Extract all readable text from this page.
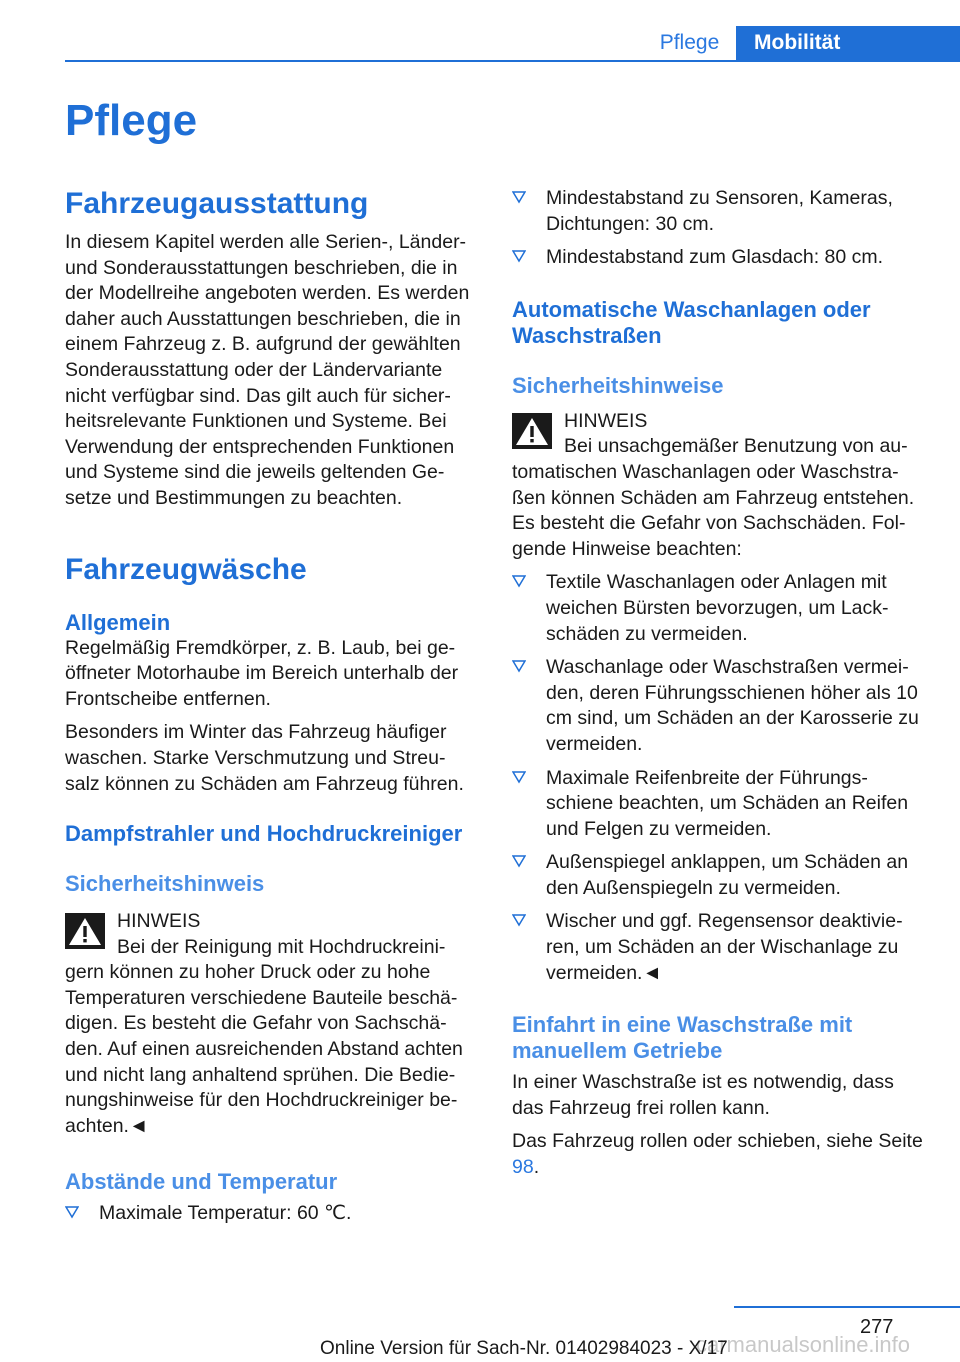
Pflege	Mobilität
Pflege
Fahrzeugausstattung

In diesem Kapitel werden alle Serien-, Länder- und Sonderausstattungen beschrieben, die in der Modellreihe angeboten werden. Es werden daher auch Ausstattungen beschrieben, die in einem Fahrzeug z. B. aufgrund der gewählten Sonderausstattung oder der Ländervariante nicht verfügbar sind. Das gilt auch für sicher-heitsrelevante Funktionen und Systeme. Bei Verwendung der entsprechenden Funktionen und Systeme sind die jeweils geltenden Ge-setze und Bestimmungen zu beachten.

Fahrzeugwäsche
Allgemein

Regelmäßig Fremdkörper, z. B. Laub, bei ge-öffneter Motorhaube im Bereich unterhalb der Frontscheibe entfernen.

Besonders im Winter das Fahrzeug häufiger waschen. Starke Verschmutzung und Streu-salz können zu Schäden am Fahrzeug führen.

Dampfstrahler und Hochdruckreiniger
Sicherheitshinweis
HINWEIS
Bei der Reinigung mit Hochdruckreini-
gern können zu hoher Druck oder zu hohe Temperaturen verschiedene Bauteile beschä-digen. Es besteht die Gefahr von Sachschä-den. Auf einen ausreichenden Abstand achten und nicht lang anhaltend sprühen. Die Bedie-nungshinweise für den Hochdruckreiniger be-achten.◄
Abstände und Temperatur
Maximale Temperatur: 60 ℃.
Mindestabstand zu Sensoren, Kameras, Dichtungen: 30 cm.
Mindestabstand zum Glasdach: 80 cm.
Automatische Waschanlagen oder Waschstraßen
Sicherheitshinweise
HINWEIS
Bei unsachgemäßer Benutzung von au-
tomatischen Waschanlagen oder Waschstra-ßen können Schäden am Fahrzeug entstehen. Es besteht die Gefahr von Sachschäden. Fol-gende Hinweise beachten:
Textile Waschanlagen oder Anlagen mit weichen Bürsten bevorzugen, um Lack-schäden zu vermeiden.
Waschanlage oder Waschstraßen vermei-den, deren Führungsschienen höher als 10 cm sind, um Schäden an der Karosserie zu vermeiden.
Maximale Reifenbreite der Führungs-schiene beachten, um Schäden an Reifen und Felgen zu vermeiden.
Außenspiegel anklappen, um Schäden an den Außenspiegeln zu vermeiden.
Wischer und ggf. Regensensor deaktivie-ren, um Schäden an der Wischanlage zu vermeiden.◄
Einfahrt in eine Waschstraße mit manuellem Getriebe

In einer Waschstraße ist es notwendig, dass das Fahrzeug frei rollen kann.

Das Fahrzeug rollen oder schieben, siehe Seite 98.

277
carmanualsonline.info
Online Version für Sach-Nr. 01402984023 - X/17
